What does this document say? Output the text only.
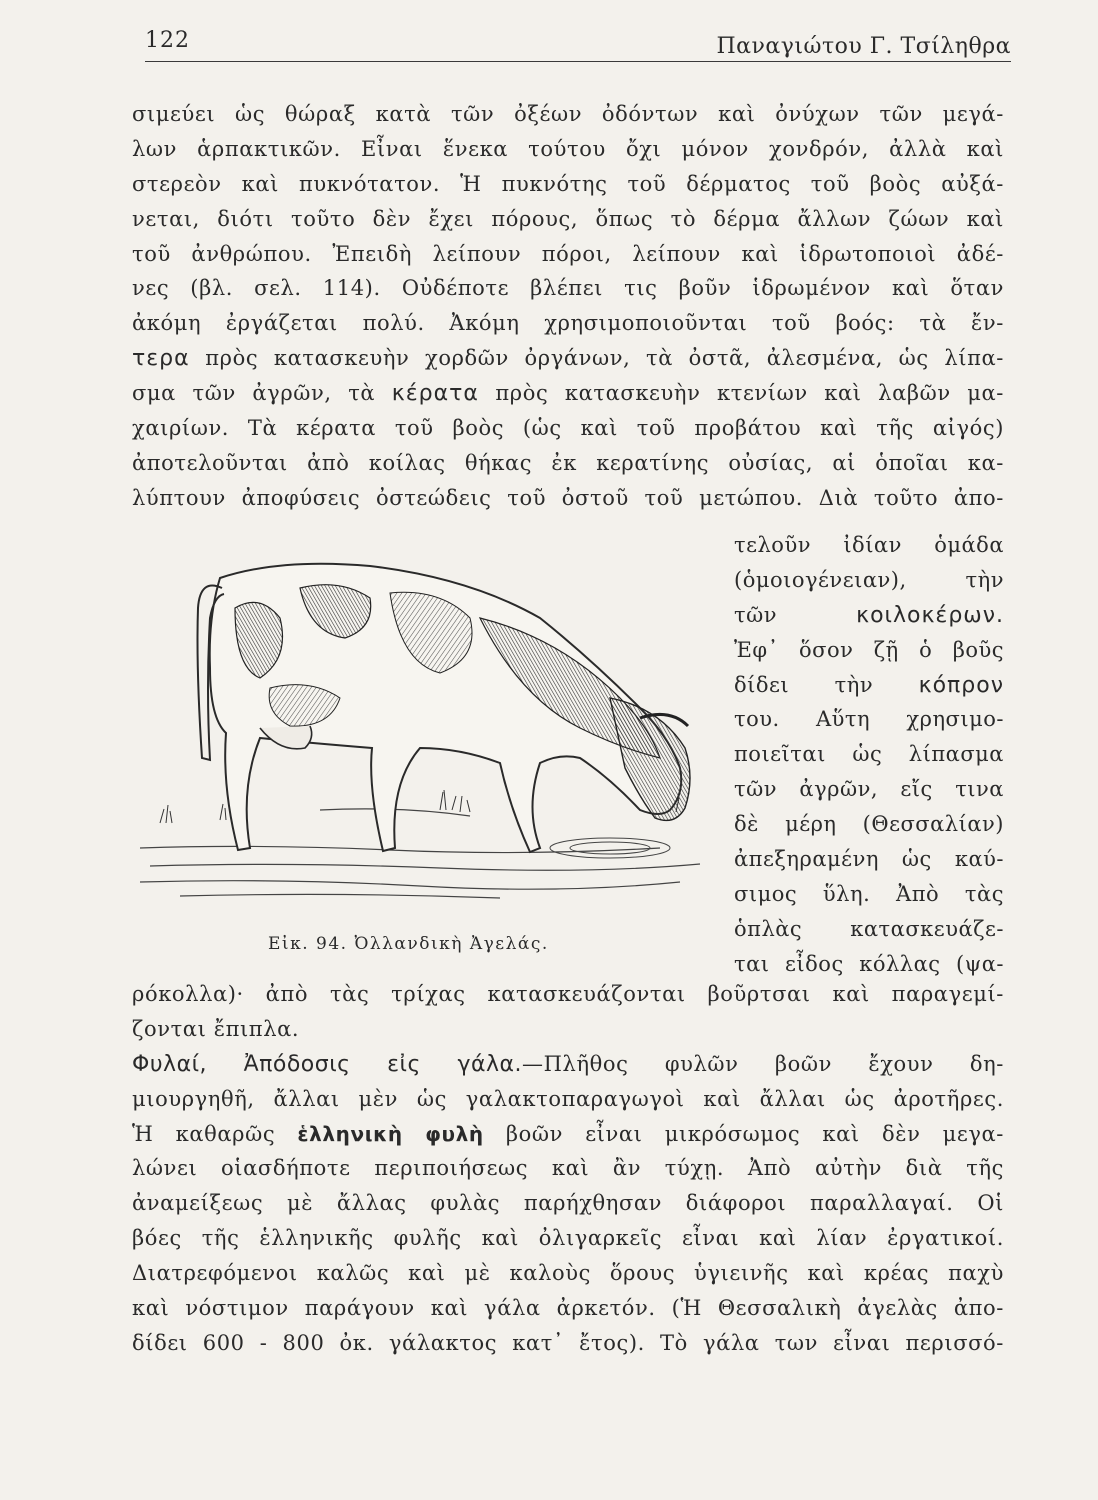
122	Παναγιώτου Γ. Τσίληθρα
σιμεύει ὡς θώραξ κατὰ τῶν ὀξέων ὀδόντων καὶ ὀνύχων τῶν μεγά-
λων ἁρπακτικῶν. Εἶναι ἕνεκα τούτου ὄχι μόνον χονδρόν, ἀλλὰ καὶ
στερεὸν καὶ πυκνότατον. Ἡ πυκνότης τοῦ δέρματος τοῦ βοὸς αὐξά-
νεται, διότι τοῦτο δὲν ἔχει πόρους, ὅπως τὸ δέρμα ἄλλων ζώων καὶ
τοῦ ἀνθρώπου. Ἐπειδὴ λείπουν πόροι, λείπουν καὶ ἱδρωτοποιοὶ ἀδέ-
νες (βλ. σελ. 114). Οὐδέποτε βλέπει τις βοῦν ἱδρωμένον καὶ ὅταν
ἀκόμη ἐργάζεται πολύ. Ἀκόμη χρησιμοποιοῦνται τοῦ βοός: τὰ ἔν-
τερα πρὸς κατασκευὴν χορδῶν ὀργάνων, τὰ ὀστᾶ, ἀλεσμένα, ὡς λίπα-
σμα τῶν ἀγρῶν, τὰ κέρατα πρὸς κατασκευὴν κτενίων καὶ λαβῶν μα-
χαιρίων. Τὰ κέρατα τοῦ βοὸς (ὡς καὶ τοῦ προβάτου καὶ τῆς αἰγός)
ἀποτελοῦνται ἀπὸ κοίλας θήκας ἐκ κερατίνης οὐσίας, αἱ ὁποῖαι κα-
λύπτουν ἀποφύσεις ὀστεώδεις τοῦ ὀστοῦ τοῦ μετώπου. Διὰ τοῦτο ἀπο-
τελοῦν ἰδίαν ὁμάδα
(ὁμοιογένειαν), τὴν
τῶν κοιλοκέρων.
Ἐφ᾽ ὅσον ζῇ ὁ βοῦς
δίδει τὴν κόπρον
του. Αὕτη χρησιμο-
ποιεῖται ὡς λίπασμα
τῶν ἀγρῶν, εἴς τινα
δὲ μέρη (Θεσσαλίαν)
ἀπεξηραμένη ὡς καύ-
σιμος ὕλη. Ἀπὸ τὰς
ὁπλὰς κατασκευάζε-
ται εἶδος κόλλας (ψα-
Εἰκ. 94. Ὀλλανδικὴ Ἀγελάς.
ρόκολλα)· ἀπὸ τὰς τρίχας κατασκευάζονται βοῦρτσαι καὶ παραγεμί-
ζονται ἔπιπλα.
Φυλαί, Ἀπόδοσις εἰς γάλα.—Πλῆθος φυλῶν βοῶν ἔχουν δη-
μιουργηθῆ, ἄλλαι μὲν ὡς γαλακτοπαραγωγοὶ καὶ ἄλλαι ὡς ἀροτῆρες.
Ἡ καθαρῶς ἑλληνικὴ φυλὴ βοῶν εἶναι μικρόσωμος καὶ δὲν μεγα-
λώνει οἱασδήποτε περιποιήσεως καὶ ἂν τύχῃ. Ἀπὸ αὐτὴν διὰ τῆς
ἀναμείξεως μὲ ἄλλας φυλὰς παρήχθησαν διάφοροι παραλλαγαί. Οἱ
βόες τῆς ἑλληνικῆς φυλῆς καὶ ὀλιγαρκεῖς εἶναι καὶ λίαν ἐργατικοί.
Διατρεφόμενοι καλῶς καὶ μὲ καλοὺς ὅρους ὑγιεινῆς καὶ κρέας παχὺ
καὶ νόστιμον παράγουν καὶ γάλα ἀρκετόν. (Ἡ Θεσσαλικὴ ἀγελὰς ἀπο-
δίδει 600 - 800 ὀκ. γάλακτος κατ᾽ ἔτος). Τὸ γάλα των εἶναι περισσό-
